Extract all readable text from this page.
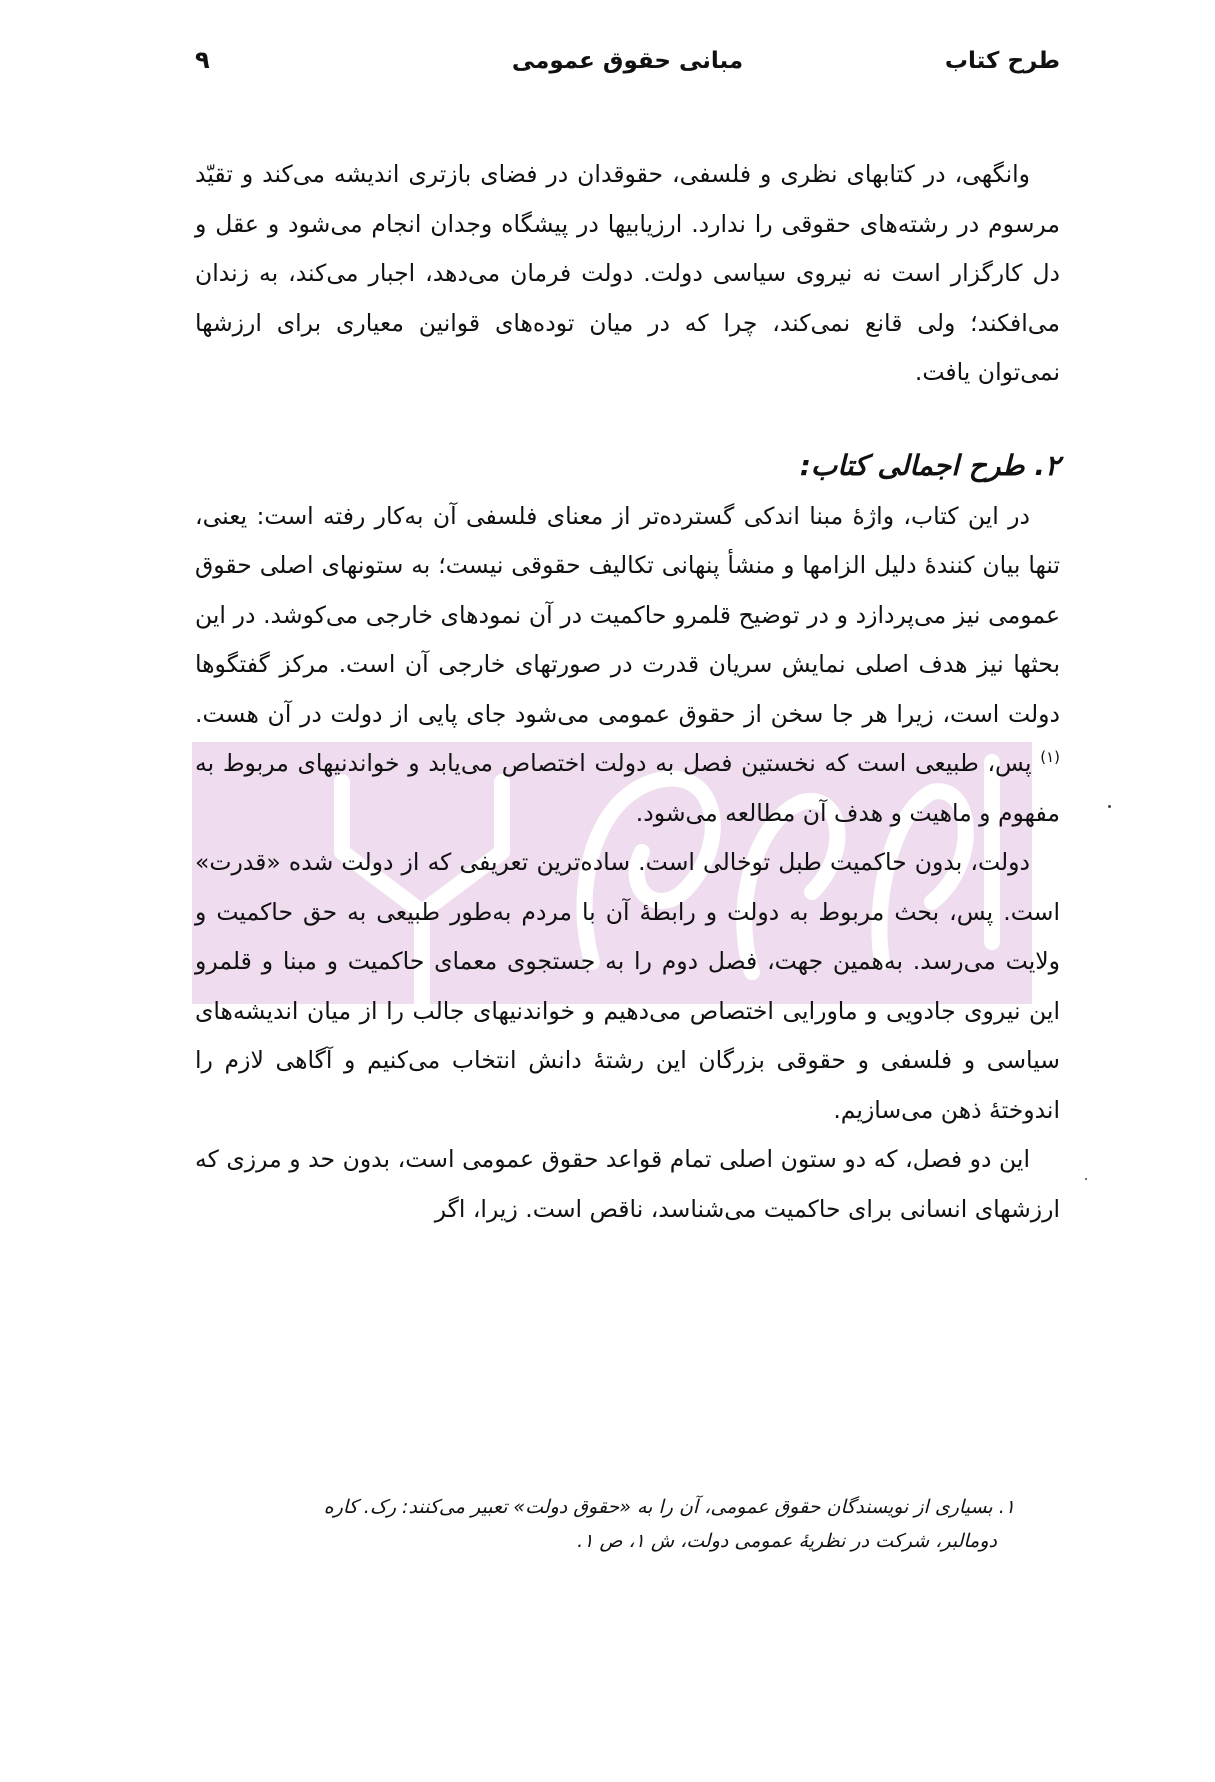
طرح کتاب
مبانی حقوق عمومی
۹

وانگهی، در کتابهای نظری و فلسفی، حقوقدان در فضای بازتری اندیشه می‌کند و تقیّد مرسوم در رشته‌های حقوقی را ندارد. ارزیابیها در پیشگاه وجدان انجام می‌شود و عقل و دل کارگزار است نه نیروی سیاسی دولت. دولت فرمان می‌دهد، اجبار می‌کند، به زندان می‌افکند؛ ولی قانع نمی‌کند، چرا که در میان توده‌های قوانین معیاری برای ارزشها نمی‌توان یافت.

۲. طرح اجمالی کتاب:

در این کتاب، واژهٔ مبنا اندکی گسترده‌تر از معنای فلسفی آن به‌کار رفته است: یعنی، تنها بیان کنندهٔ دلیل الزامها و منشأ پنهانی تکالیف حقوقی نیست؛ به ستونهای اصلی حقوق عمومی نیز می‌پردازد و در توضیح قلمرو حاکمیت در آن نمودهای خارجی می‌کوشد. در این بحثها نیز هدف اصلی نمایش سریان قدرت در صورتهای خارجی آن است. مرکز گفتگوها دولت است، زیرا هر جا سخن از حقوق عمومی می‌شود جای پایی از دولت در آن هست.$^{(۱)}$ پس، طبیعی است که نخستین فصل به دولت اختصاص می‌یابد و خواندنیهای مربوط به مفهوم و ماهیت و هدف آن مطالعه می‌شود.

دولت، بدون حاکمیت طبل توخالی است. ساده‌ترین تعریفی که از دولت شده «قدرت» است. پس، بحث مربوط به دولت و رابطهٔ آن با مردم به‌طور طبیعی به حق حاکمیت و ولایت می‌رسد. به‌همین جهت، فصل دوم را به جستجوی معمای حاکمیت و مبنا و قلمرو این نیروی جادویی و ماورایی اختصاص می‌دهیم و خواندنیهای جالب را از میان اندیشه‌های سیاسی و فلسفی و حقوقی بزرگان این رشتهٔ دانش انتخاب می‌کنیم و آگاهی لازم را اندوختهٔ ذهن می‌سازیم.

این دو فصل، که دو ستون اصلی تمام قواعد حقوق عمومی است، بدون حد و مرزی که ارزشهای انسانی برای حاکمیت می‌شناسد، ناقص است. زیرا، اگر

۱. بسیاری از نویسندگان حقوق عمومی، آن را به «حقوق دولت» تعبیر می‌کنند: رک. کاره
دومالبر، شرکت در نظریهٔ عمومی دولت، ش ۱، ص ۱.
